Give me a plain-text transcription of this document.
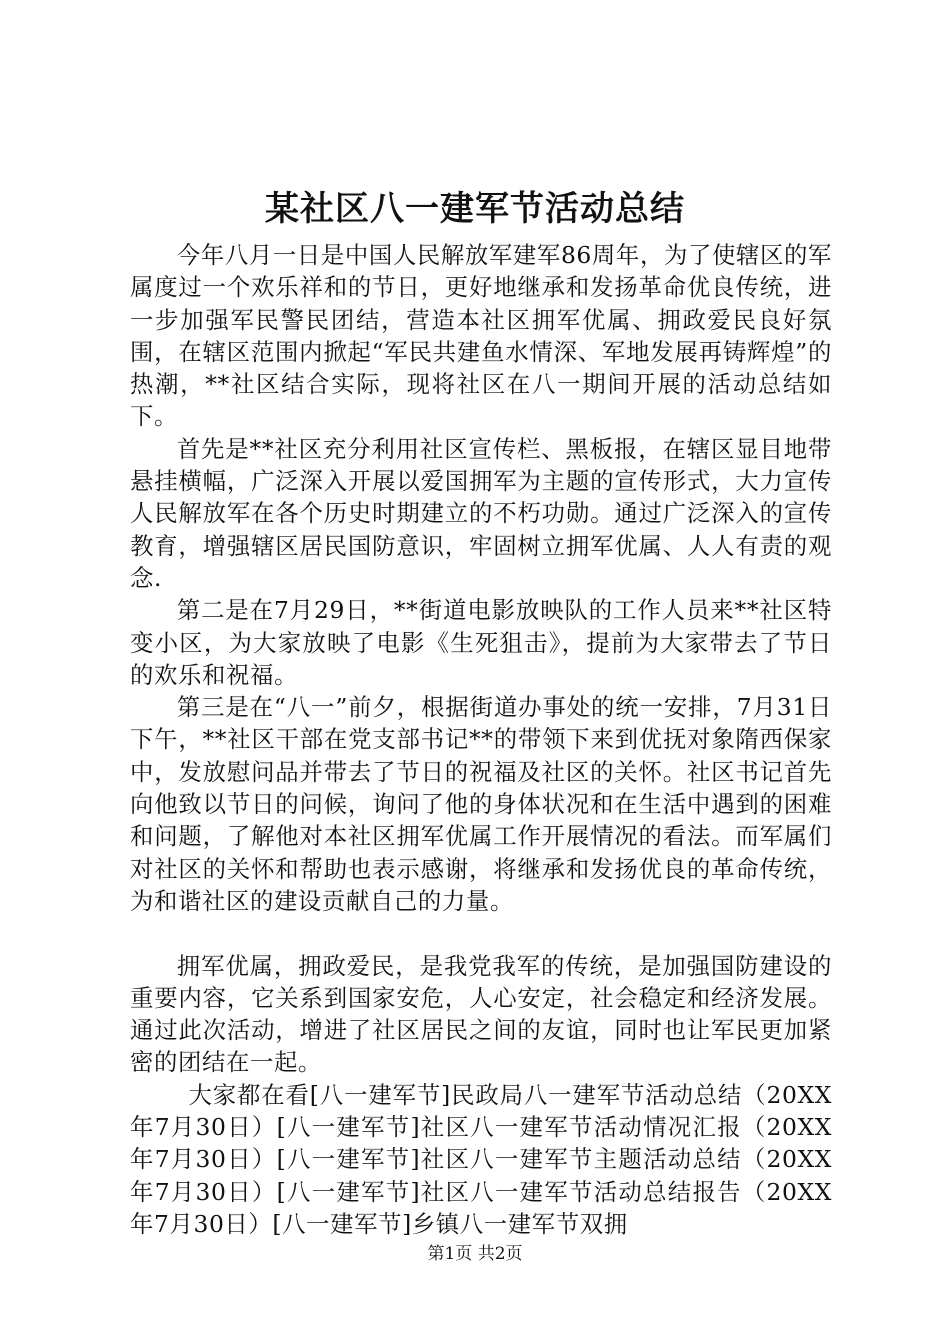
某社区八一建军节活动总结

今年八月一日是中国人民解放军建军86周年，为了使辖区的军属度过一个欢乐祥和的节日，更好地继承和发扬革命优良传统，进一步加强军民警民团结，营造本社区拥军优属、拥政爱民良好氛围，在辖区范围内掀起“军民共建鱼水情深、军地发展再铸辉煌”的热潮，**社区结合实际，现将社区在八一期间开展的活动总结如下。

首先是**社区充分利用社区宣传栏、黑板报，在辖区显目地带悬挂横幅，广泛深入开展以爱国拥军为主题的宣传形式，大力宣传人民解放军在各个历史时期建立的不朽功勋。通过广泛深入的宣传教育，增强辖区居民国防意识，牢固树立拥军优属、人人有责的观念.

第二是在7月29日，**街道电影放映队的工作人员来**社区特变小区，为大家放映了电影《生死狙击》，提前为大家带去了节日的欢乐和祝福。

第三是在“八一”前夕，根据街道办事处的统一安排，7月31日下午，**社区干部在党支部书记**的带领下来到优抚对象隋西保家中，发放慰问品并带去了节日的祝福及社区的关怀。社区书记首先向他致以节日的问候，询问了他的身体状况和在生活中遇到的困难和问题，了解他对本社区拥军优属工作开展情况的看法。而军属们对社区的关怀和帮助也表示感谢，将继承和发扬优良的革命传统，为和谐社区的建设贡献自己的力量。

拥军优属，拥政爱民，是我党我军的传统，是加强国防建设的重要内容，它关系到国家安危，人心安定，社会稳定和经济发展。通过此次活动，增进了社区居民之间的友谊，同时也让军民更加紧密的团结在一起。

大家都在看[八一建军节]民政局八一建军节活动总结（20XX年7月30日）[八一建军节]社区八一建军节活动情况汇报（20XX年7月30日）[八一建军节]社区八一建军节主题活动总结（20XX年7月30日）[八一建军节]社区八一建军节活动总结报告（20XX年7月30日）[八一建军节]乡镇八一建军节双拥

第1页 共2页
